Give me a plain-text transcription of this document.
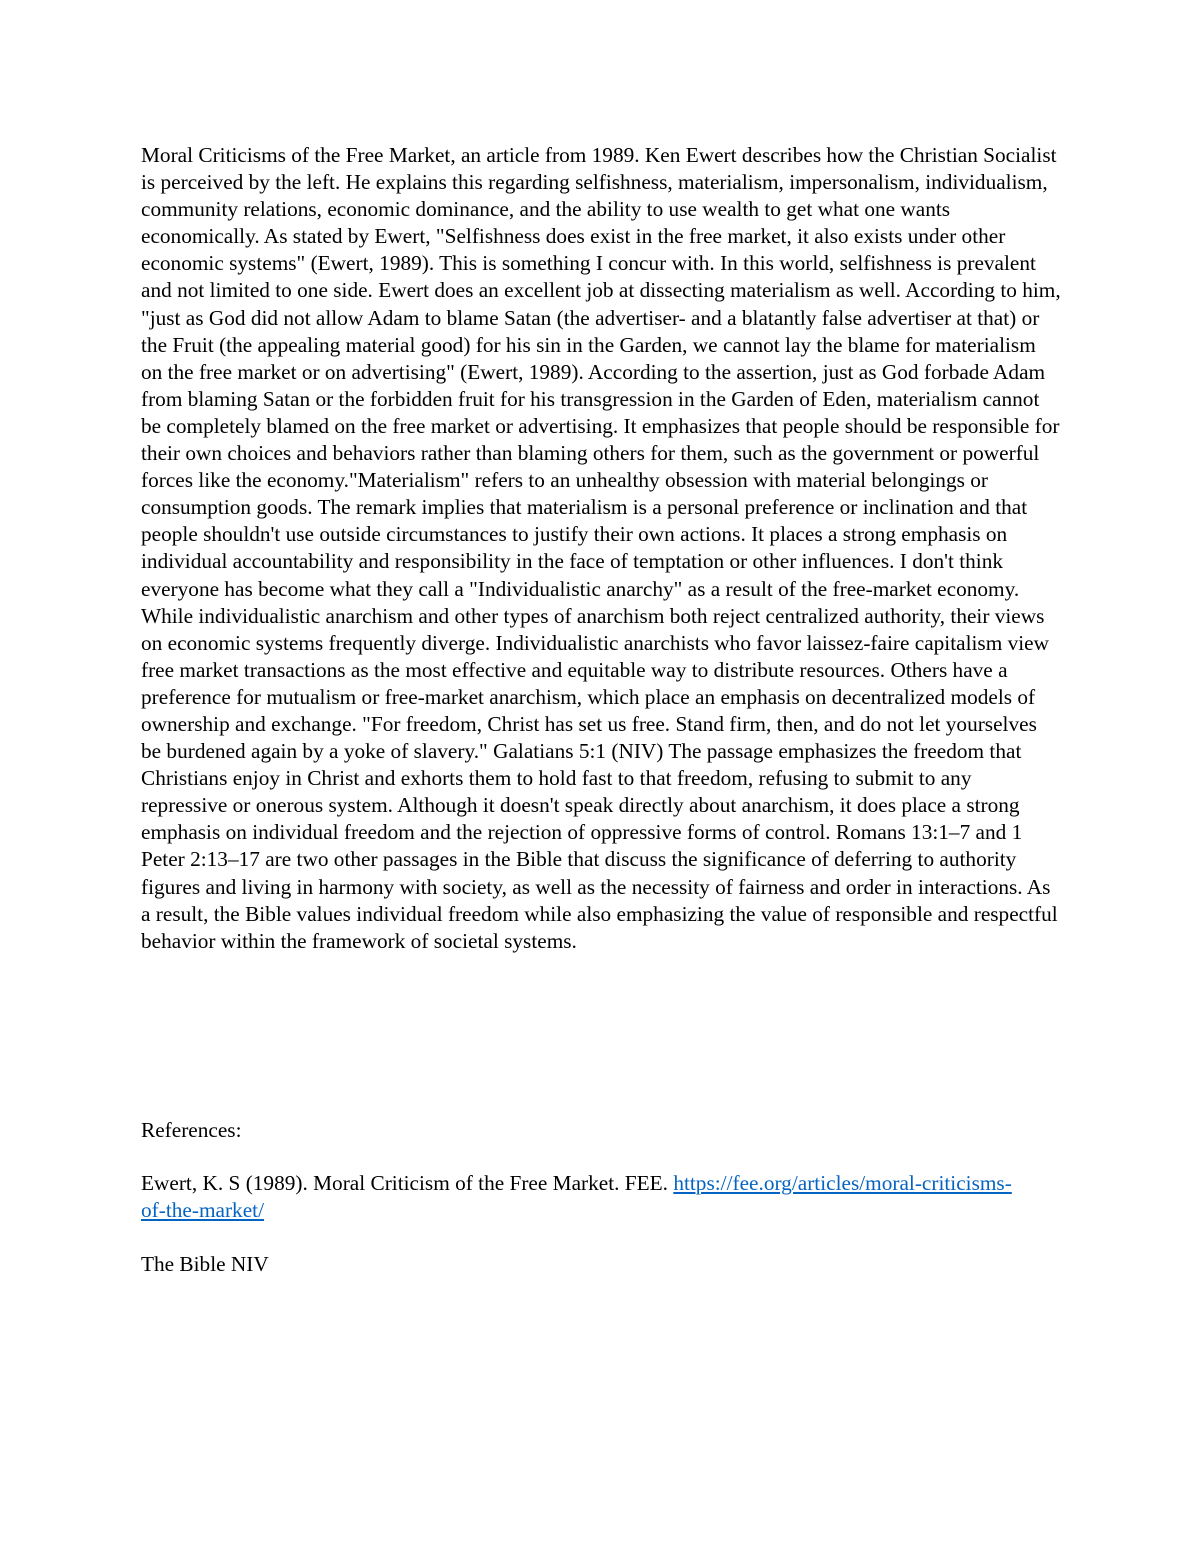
Moral Criticisms of the Free Market, an article from 1989. Ken Ewert describes how the Christian Socialist is perceived by the left. He explains this regarding selfishness, materialism, impersonalism, individualism, community relations, economic dominance, and the ability to use wealth to get what one wants economically. As stated by Ewert, "Selfishness does exist in the free market, it also exists under other economic systems" (Ewert, 1989). This is something I concur with. In this world, selfishness is prevalent and not limited to one side. Ewert does an excellent job at dissecting materialism as well. According to him, "just as God did not allow Adam to blame Satan (the advertiser- and a blatantly false advertiser at that) or the Fruit (the appealing material good) for his sin in the Garden, we cannot lay the blame for materialism on the free market or on advertising" (Ewert, 1989). According to the assertion, just as God forbade Adam from blaming Satan or the forbidden fruit for his transgression in the Garden of Eden, materialism cannot be completely blamed on the free market or advertising. It emphasizes that people should be responsible for their own choices and behaviors rather than blaming others for them, such as the government or powerful forces like the economy."Materialism" refers to an unhealthy obsession with material belongings or consumption goods. The remark implies that materialism is a personal preference or inclination and that people shouldn't use outside circumstances to justify their own actions. It places a strong emphasis on individual accountability and responsibility in the face of temptation or other influences. I don't think everyone has become what they call a "Individualistic anarchy" as a result of the free-market economy. While individualistic anarchism and other types of anarchism both reject centralized authority, their views on economic systems frequently diverge. Individualistic anarchists who favor laissez-faire capitalism view free market transactions as the most effective and equitable way to distribute resources. Others have a preference for mutualism or free-market anarchism, which place an emphasis on decentralized models of ownership and exchange. "For freedom, Christ has set us free. Stand firm, then, and do not let yourselves be burdened again by a yoke of slavery." Galatians 5:1 (NIV) The passage emphasizes the freedom that Christians enjoy in Christ and exhorts them to hold fast to that freedom, refusing to submit to any repressive or onerous system. Although it doesn't speak directly about anarchism, it does place a strong emphasis on individual freedom and the rejection of oppressive forms of control. Romans 13:1–7 and 1 Peter 2:13–17 are two other passages in the Bible that discuss the significance of deferring to authority figures and living in harmony with society, as well as the necessity of fairness and order in interactions. As a result, the Bible values individual freedom while also emphasizing the value of responsible and respectful behavior within the framework of societal systems.

References:

Ewert, K. S (1989). Moral Criticism of the Free Market. FEE. https://fee.org/articles/moral-criticisms-of-the-market/

The Bible NIV
